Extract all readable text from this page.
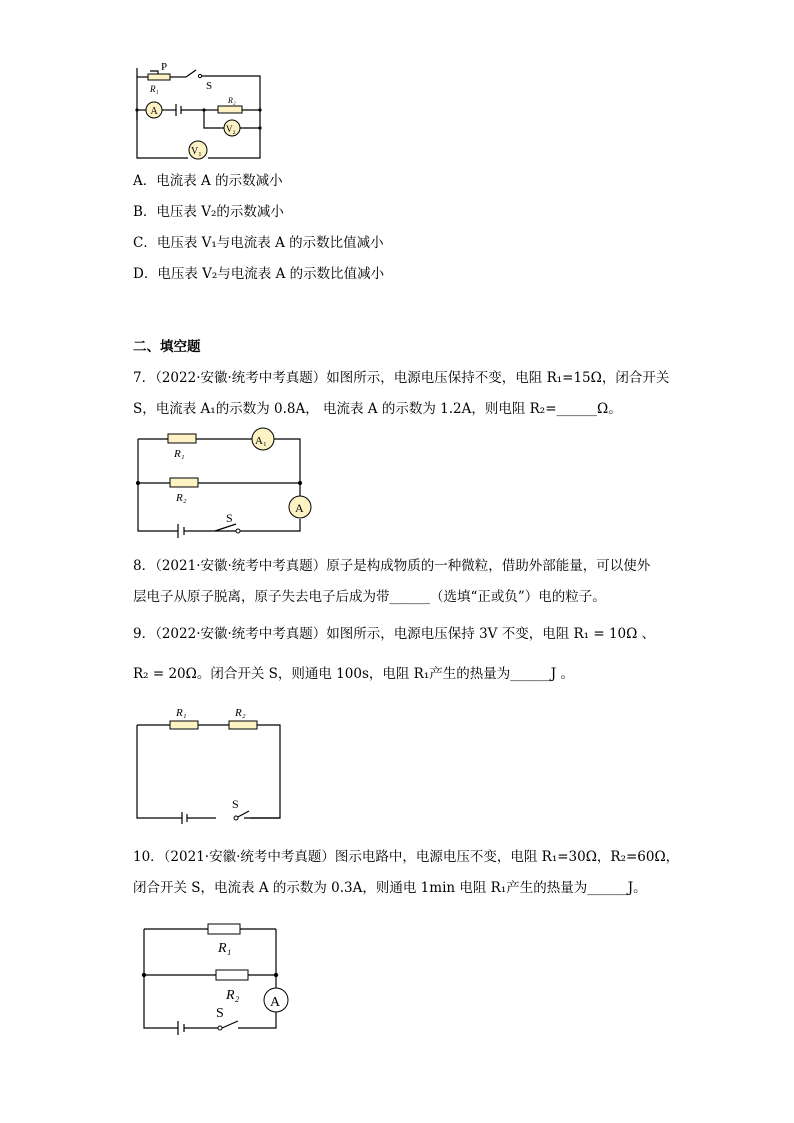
P
R₁	S
A
R₂
V₂
V₁
A．电流表 A 的示数减小
B．电压表 V₂的示数减小
C．电压表 V₁与电流表 A 的示数比值减小
D．电压表 V₂与电流表 A 的示数比值减小
二、填空题
7．（2022·安徽·统考中考真题）如图所示，电源电压保持不变，电阻 R₁=15Ω，闭合开关
S，电流表 A₁的示数为 0.8A， 电流表 A 的示数为 1.2A，则电阻 R₂=______Ω。
R₁
A₁
R₂
A
S
8．（2021·安徽·统考中考真题）原子是构成物质的一种微粒，借助外部能量，可以使外
层电子从原子脱离，原子失去电子后成为带______（选填“正或负”）电的粒子。
9．（2022·安徽·统考中考真题）如图所示，电源电压保持 3V 不变，电阻 R₁ = 10Ω 、
R₂ = 20Ω。闭合开关 S，则通电 100s，电阻 R₁产生的热量为______J 。
R₁	R₂
S
10．（2021·安徽·统考中考真题）图示电路中，电源电压不变，电阻 R₁=30Ω，R₂=60Ω，
闭合开关 S，电流表 A 的示数为 0.3A，则通电 1min 电阻 R₁产生的热量为______J。
R₁
R₂ A
S
